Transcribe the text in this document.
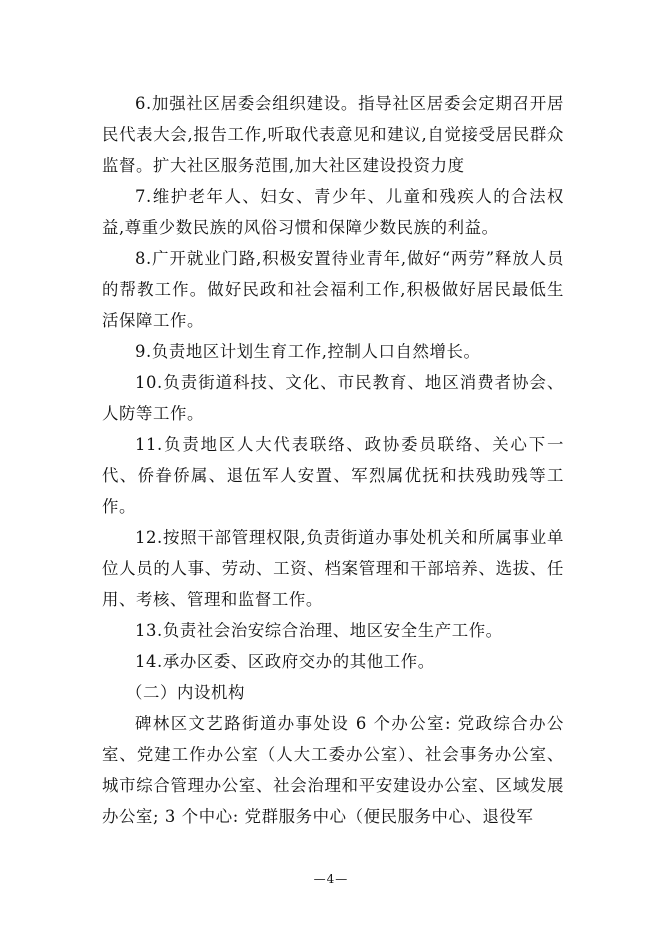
6.加强社区居委会组织建设。指导社区居委会定期召开居民代表大会,报告工作,听取代表意见和建议,自觉接受居民群众监督。扩大社区服务范围,加大社区建设投资力度

7.维护老年人、妇女、青少年、儿童和残疾人的合法权益,尊重少数民族的风俗习惯和保障少数民族的利益。

8.广开就业门路,积极安置待业青年,做好“两劳”释放人员的帮教工作。做好民政和社会福利工作,积极做好居民最低生活保障工作。

9.负责地区计划生育工作,控制人口自然增长。

10.负责街道科技、文化、市民教育、地区消费者协会、人防等工作。

11.负责地区人大代表联络、政协委员联络、关心下一代、侨眷侨属、退伍军人安置、军烈属优抚和扶残助残等工作。

12.按照干部管理权限,负责街道办事处机关和所属事业单位人员的人事、劳动、工资、档案管理和干部培养、选拔、任用、考核、管理和监督工作。

13.负责社会治安综合治理、地区安全生产工作。

14.承办区委、区政府交办的其他工作。

（二）内设机构

碑林区文艺路街道办事处设 6 个办公室: 党政综合办公室、党建工作办公室（人大工委办公室）、社会事务办公室、城市综合管理办公室、社会治理和平安建设办公室、区域发展办公室; 3 个中心: 党群服务中心（便民服务中心、退役军

—4—
